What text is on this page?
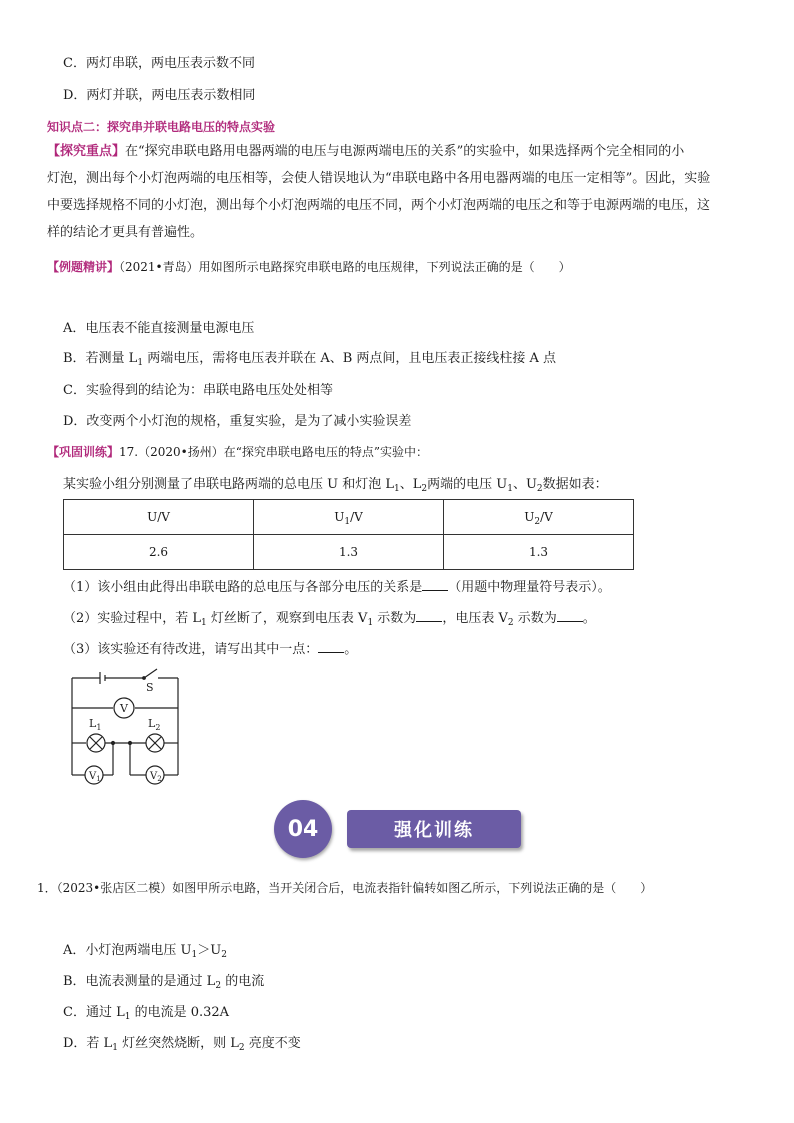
C．两灯串联，两电压表示数不同
D．两灯并联，两电压表示数相同
知识点二：探究串并联电路电压的特点实验
【探究重点】在“探究串联电路用电器两端的电压与电源两端电压的关系”的实验中，如果选择两个完全相同的小
灯泡，测出每个小灯泡两端的电压相等，会使人错误地认为“串联电路中各用电器两端的电压一定相等”。因此，实验
中要选择规格不同的小灯泡，测出每个小灯泡两端的电压不同，两个小灯泡两端的电压之和等于电源两端的电压，这
样的结论才更具有普遍性。
【例题精讲】（2021•青岛）用如图所示电路探究串联电路的电压规律，下列说法正确的是（　　）
A．电压表不能直接测量电源电压
B．若测量 $L_1$ 两端电压，需将电压表并联在 A、B 两点间，且电压表正接线柱接 A 点
C．实验得到的结论为：串联电路电压处处相等
D．改变两个小灯泡的规格，重复实验，是为了减小实验误差
【巩固训练】17.（2020•扬州）在“探究串联电路电压的特点”实验中：
某实验小组分别测量了串联电路两端的总电压 U 和灯泡 $L_1$、$L_2$两端的电压 $U_1$、$U_2$数据如表：
U/V	$U_1/V$	$U_2/V$
2.6	1.3	1.3
（1）该小组由此得出串联电路的总电压与各部分电压的关系是 （用题中物理量符号表示）。
（2）实验过程中，若 $L_1$ 灯丝断了，观察到电压表 $V_1$ 示数为 ，电压表 $V_2$ 示数为 。
（3）该实验还有待改进，请写出其中一点： 。
S
V
$L_1$	$L_2$
$V_1$	$V_2$
04	强化训练
1．（2023•张店区二模）如图甲所示电路，当开关闭合后，电流表指针偏转如图乙所示，下列说法正确的是（　　）
A．小灯泡两端电压 $U_1>U_2$
B．电流表测量的是通过 $L_2$ 的电流
C．通过 $L_1$ 的电流是 0.32A
D．若 $L_1$ 灯丝突然烧断，则 $L_2$ 亮度不变
